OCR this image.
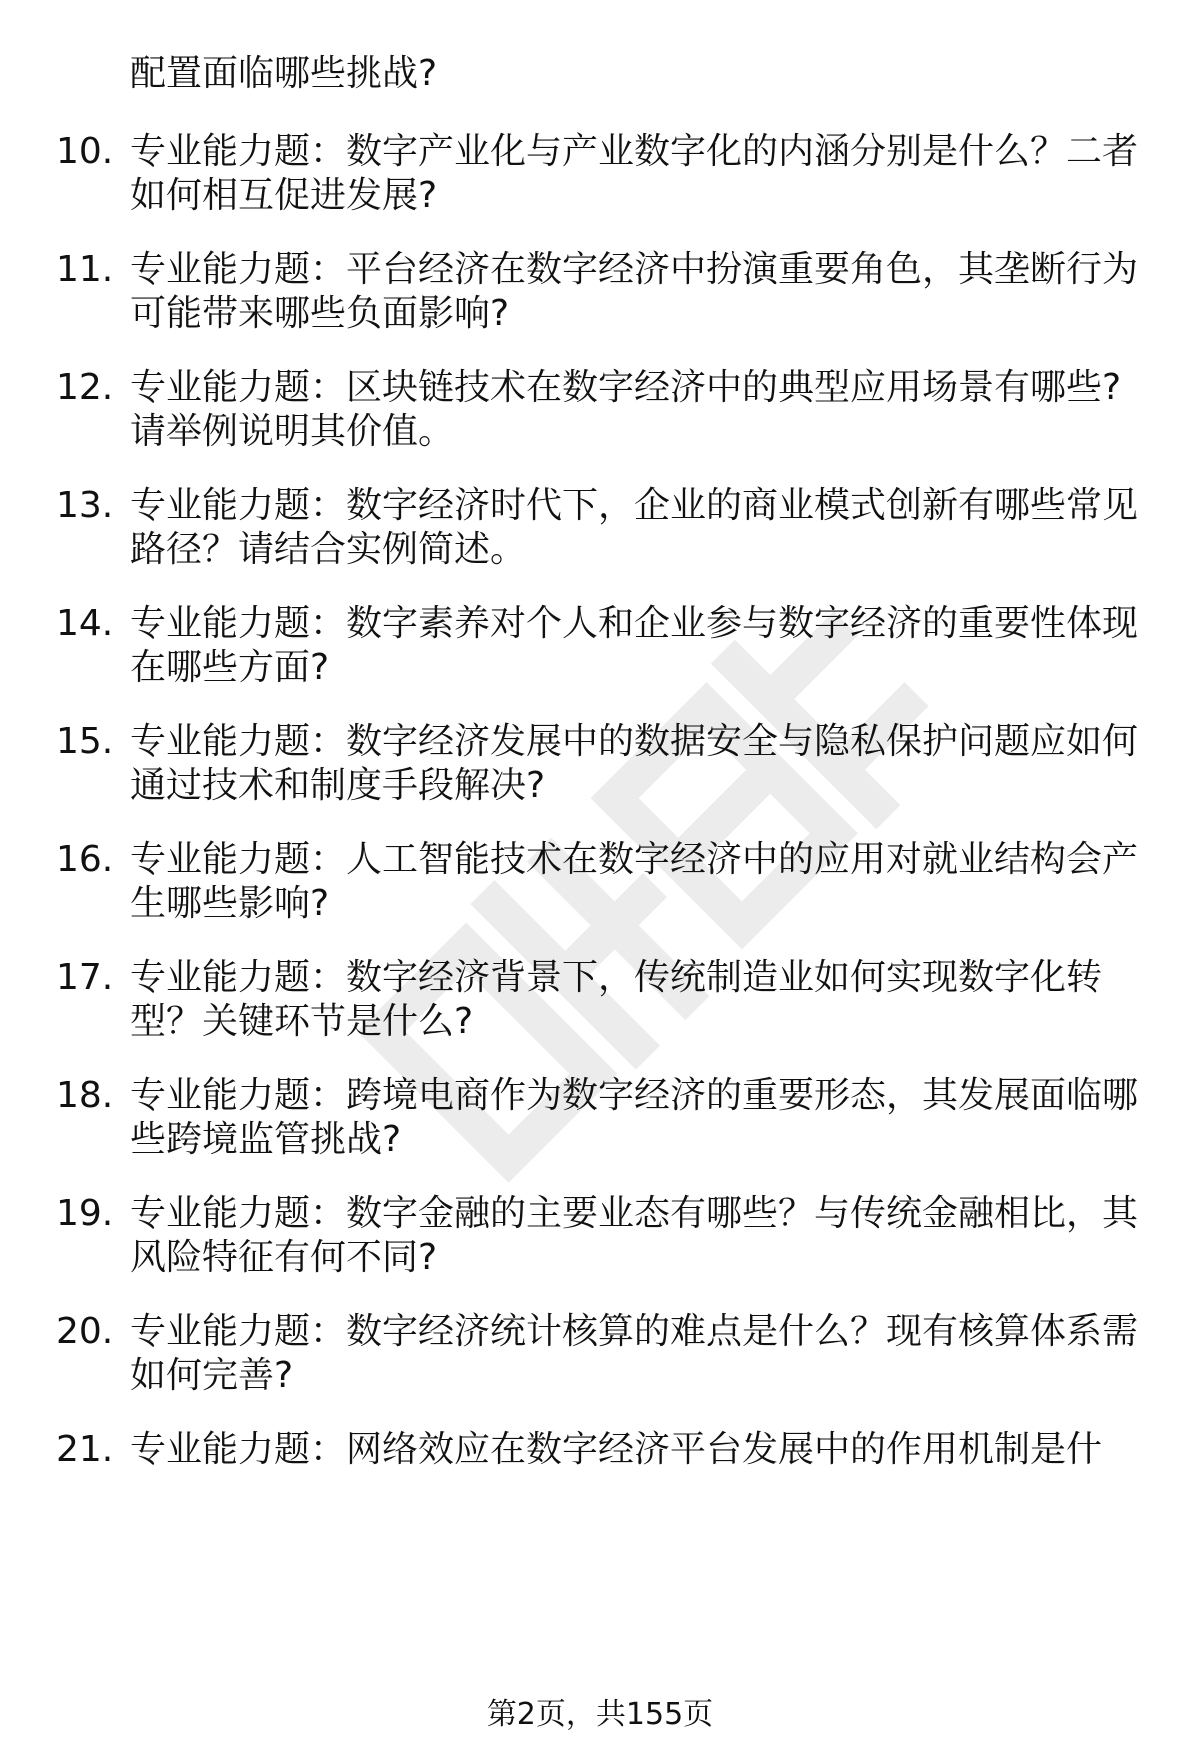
配置面临哪些挑战?
10. 专业能力题：数字产业化与产业数字化的内涵分别是什么？二者
如何相互促进发展?
11. 专业能力题：平台经济在数字经济中扮演重要角色，其垄断行为
可能带来哪些负面影响?
12. 专业能力题：区块链技术在数字经济中的典型应用场景有哪些?
请举例说明其价值。
13. 专业能力题：数字经济时代下，企业的商业模式创新有哪些常见
路径？请结合实例简述。
14. 专业能力题：数字素养对个人和企业参与数字经济的重要性体现
在哪些方面?
15. 专业能力题：数字经济发展中的数据安全与隐私保护问题应如何
通过技术和制度手段解决?
16. 专业能力题：人工智能技术在数字经济中的应用对就业结构会产
生哪些影响?
17. 专业能力题：数字经济背景下，传统制造业如何实现数字化转
型？关键环节是什么?
18. 专业能力题：跨境电商作为数字经济的重要形态，其发展面临哪
些跨境监管挑战?
19. 专业能力题：数字金融的主要业态有哪些？与传统金融相比，其
风险特征有何不同?
20. 专业能力题：数字经济统计核算的难点是什么？现有核算体系需
如何完善?
21. 专业能力题：网络效应在数字经济平台发展中的作用机制是什
第2页，共155页
